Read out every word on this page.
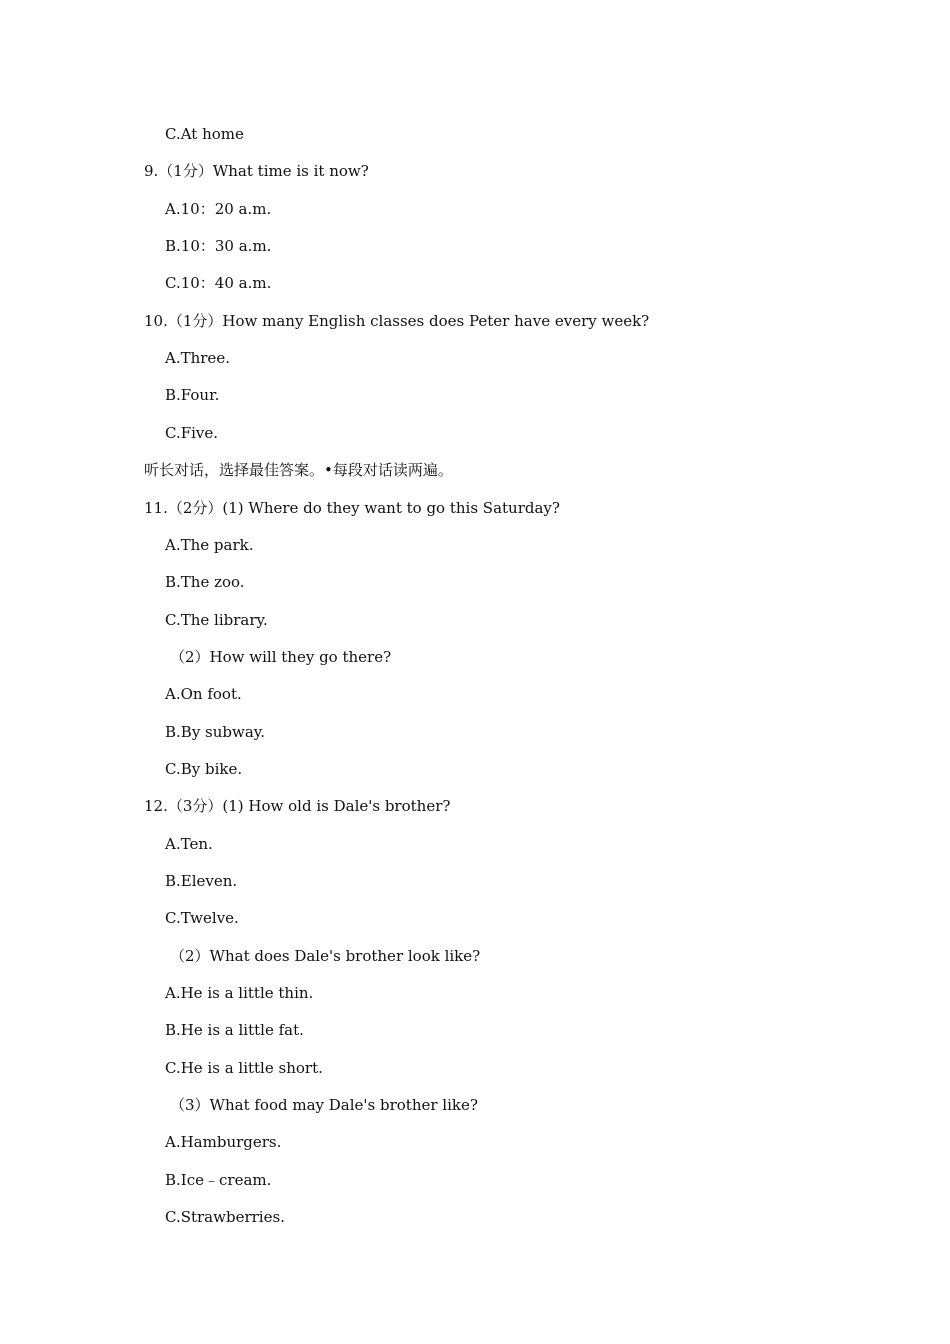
C.At home
9.（1分）What time is it now?
A.10：20 a.m.
B.10：30 a.m.
C.10：40 a.m.
10.（1分）How many English classes does Peter have every week?
A.Three.
B.Four.
C.Five.
听长对话，选择最佳答案。•每段对话读两遍。
11.（2分）(1) Where do they want to go this Saturday?
A.The park.
B.The zoo.
C.The library.
（2）How will they go there?
A.On foot.
B.By subway.
C.By bike.
12.（3分）(1) How old is Dale's brother?
A.Ten.
B.Eleven.
C.Twelve.
（2）What does Dale's brother look like?
A.He is a little thin.
B.He is a little fat.
C.He is a little short.
（3）What food may Dale's brother like?
A.Hamburgers.
B.Ice﹣cream.
C.Strawberries.
